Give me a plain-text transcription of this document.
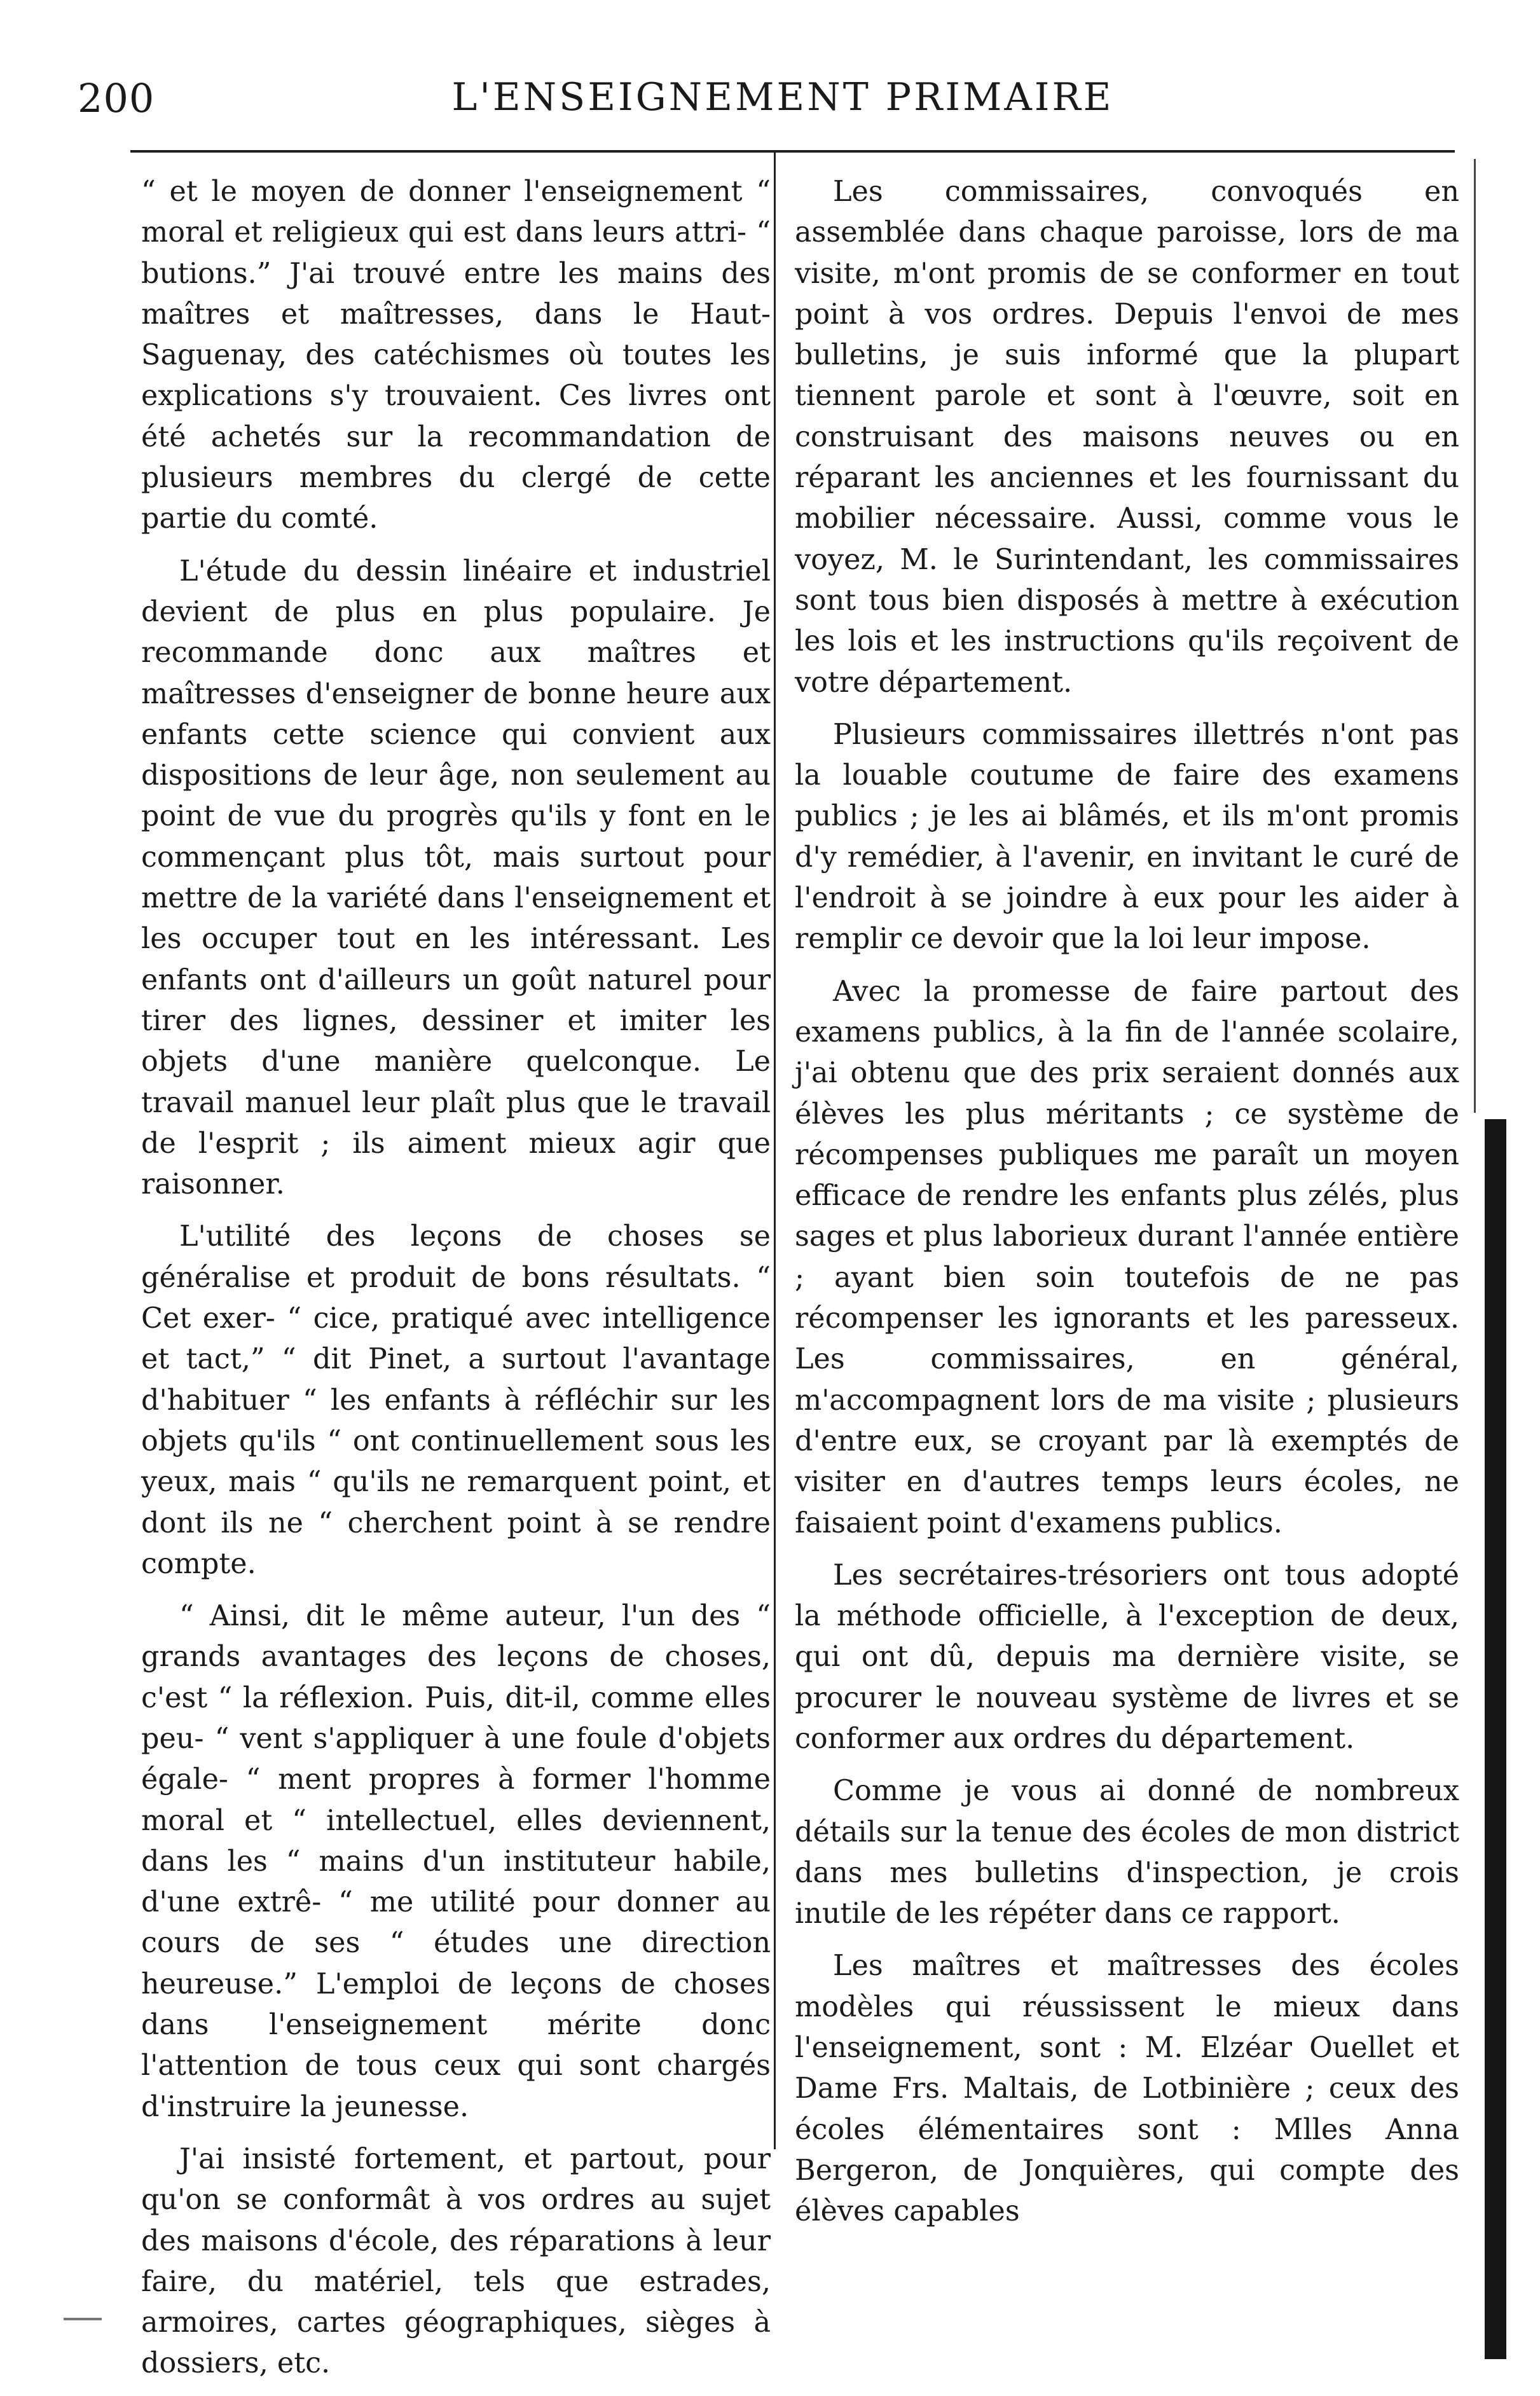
200	L'ENSEIGNEMENT PRIMAIRE

“ et le moyen de donner l'enseignement “ moral et religieux qui est dans leurs attri- “ butions.” J'ai trouvé entre les mains des maîtres et maîtresses, dans le Haut-Saguenay, des catéchismes où toutes les explications s'y trouvaient. Ces livres ont été achetés sur la recommandation de plusieurs membres du clergé de cette partie du comté.

L'étude du dessin linéaire et industriel devient de plus en plus populaire. Je recommande donc aux maîtres et maîtresses d'enseigner de bonne heure aux enfants cette science qui convient aux dispositions de leur âge, non seulement au point de vue du progrès qu'ils y font en le commençant plus tôt, mais surtout pour mettre de la variété dans l'enseignement et les occuper tout en les intéressant. Les enfants ont d'ailleurs un goût naturel pour tirer des lignes, dessiner et imiter les objets d'une manière quelconque. Le travail manuel leur plaît plus que le travail de l'esprit ; ils aiment mieux agir que raisonner.

L'utilité des leçons de choses se généralise et produit de bons résultats. “ Cet exer- “ cice, pratiqué avec intelligence et tact,” “ dit Pinet, a surtout l'avantage d'habituer “ les enfants à réfléchir sur les objets qu'ils “ ont continuellement sous les yeux, mais “ qu'ils ne remarquent point, et dont ils ne “ cherchent point à se rendre compte.

“ Ainsi, dit le même auteur, l'un des “ grands avantages des leçons de choses, c'est “ la réflexion. Puis, dit-il, comme elles peu- “ vent s'appliquer à une foule d'objets égale- “ ment propres à former l'homme moral et “ intellectuel, elles deviennent, dans les “ mains d'un instituteur habile, d'une extrê- “ me utilité pour donner au cours de ses “ études une direction heureuse.” L'emploi de leçons de choses dans l'enseignement mérite donc l'attention de tous ceux qui sont chargés d'instruire la jeunesse.

J'ai insisté fortement, et partout, pour qu'on se conformât à vos ordres au sujet des maisons d'école, des réparations à leur faire, du matériel, tels que estrades, armoires, cartes géographiques, sièges à dossiers, etc.

Les commissaires, convoqués en assemblée dans chaque paroisse, lors de ma visite, m'ont promis de se conformer en tout point à vos ordres. Depuis l'envoi de mes bulletins, je suis informé que la plupart tiennent parole et sont à l'œuvre, soit en construisant des maisons neuves ou en réparant les anciennes et les fournissant du mobilier nécessaire. Aussi, comme vous le voyez, M. le Surintendant, les commissaires sont tous bien disposés à mettre à exécution les lois et les instructions qu'ils reçoivent de votre département.

Plusieurs commissaires illettrés n'ont pas la louable coutume de faire des examens publics ; je les ai blâmés, et ils m'ont promis d'y remédier, à l'avenir, en invitant le curé de l'endroit à se joindre à eux pour les aider à remplir ce devoir que la loi leur impose.

Avec la promesse de faire partout des examens publics, à la fin de l'année scolaire, j'ai obtenu que des prix seraient donnés aux élèves les plus méritants ; ce système de récompenses publiques me paraît un moyen efficace de rendre les enfants plus zélés, plus sages et plus laborieux durant l'année entière ; ayant bien soin toutefois de ne pas récompenser les ignorants et les paresseux. Les commissaires, en général, m'accompagnent lors de ma visite ; plusieurs d'entre eux, se croyant par là exemptés de visiter en d'autres temps leurs écoles, ne faisaient point d'examens publics.

Les secrétaires-trésoriers ont tous adopté la méthode officielle, à l'exception de deux, qui ont dû, depuis ma dernière visite, se procurer le nouveau système de livres et se conformer aux ordres du département.

Comme je vous ai donné de nombreux détails sur la tenue des écoles de mon district dans mes bulletins d'inspection, je crois inutile de les répéter dans ce rapport.

Les maîtres et maîtresses des écoles modèles qui réussissent le mieux dans l'enseignement, sont : M. Elzéar Ouellet et Dame Frs. Maltais, de Lotbinière ; ceux des écoles élémentaires sont : Mlles Anna Bergeron, de Jonquières, qui compte des élèves capables
